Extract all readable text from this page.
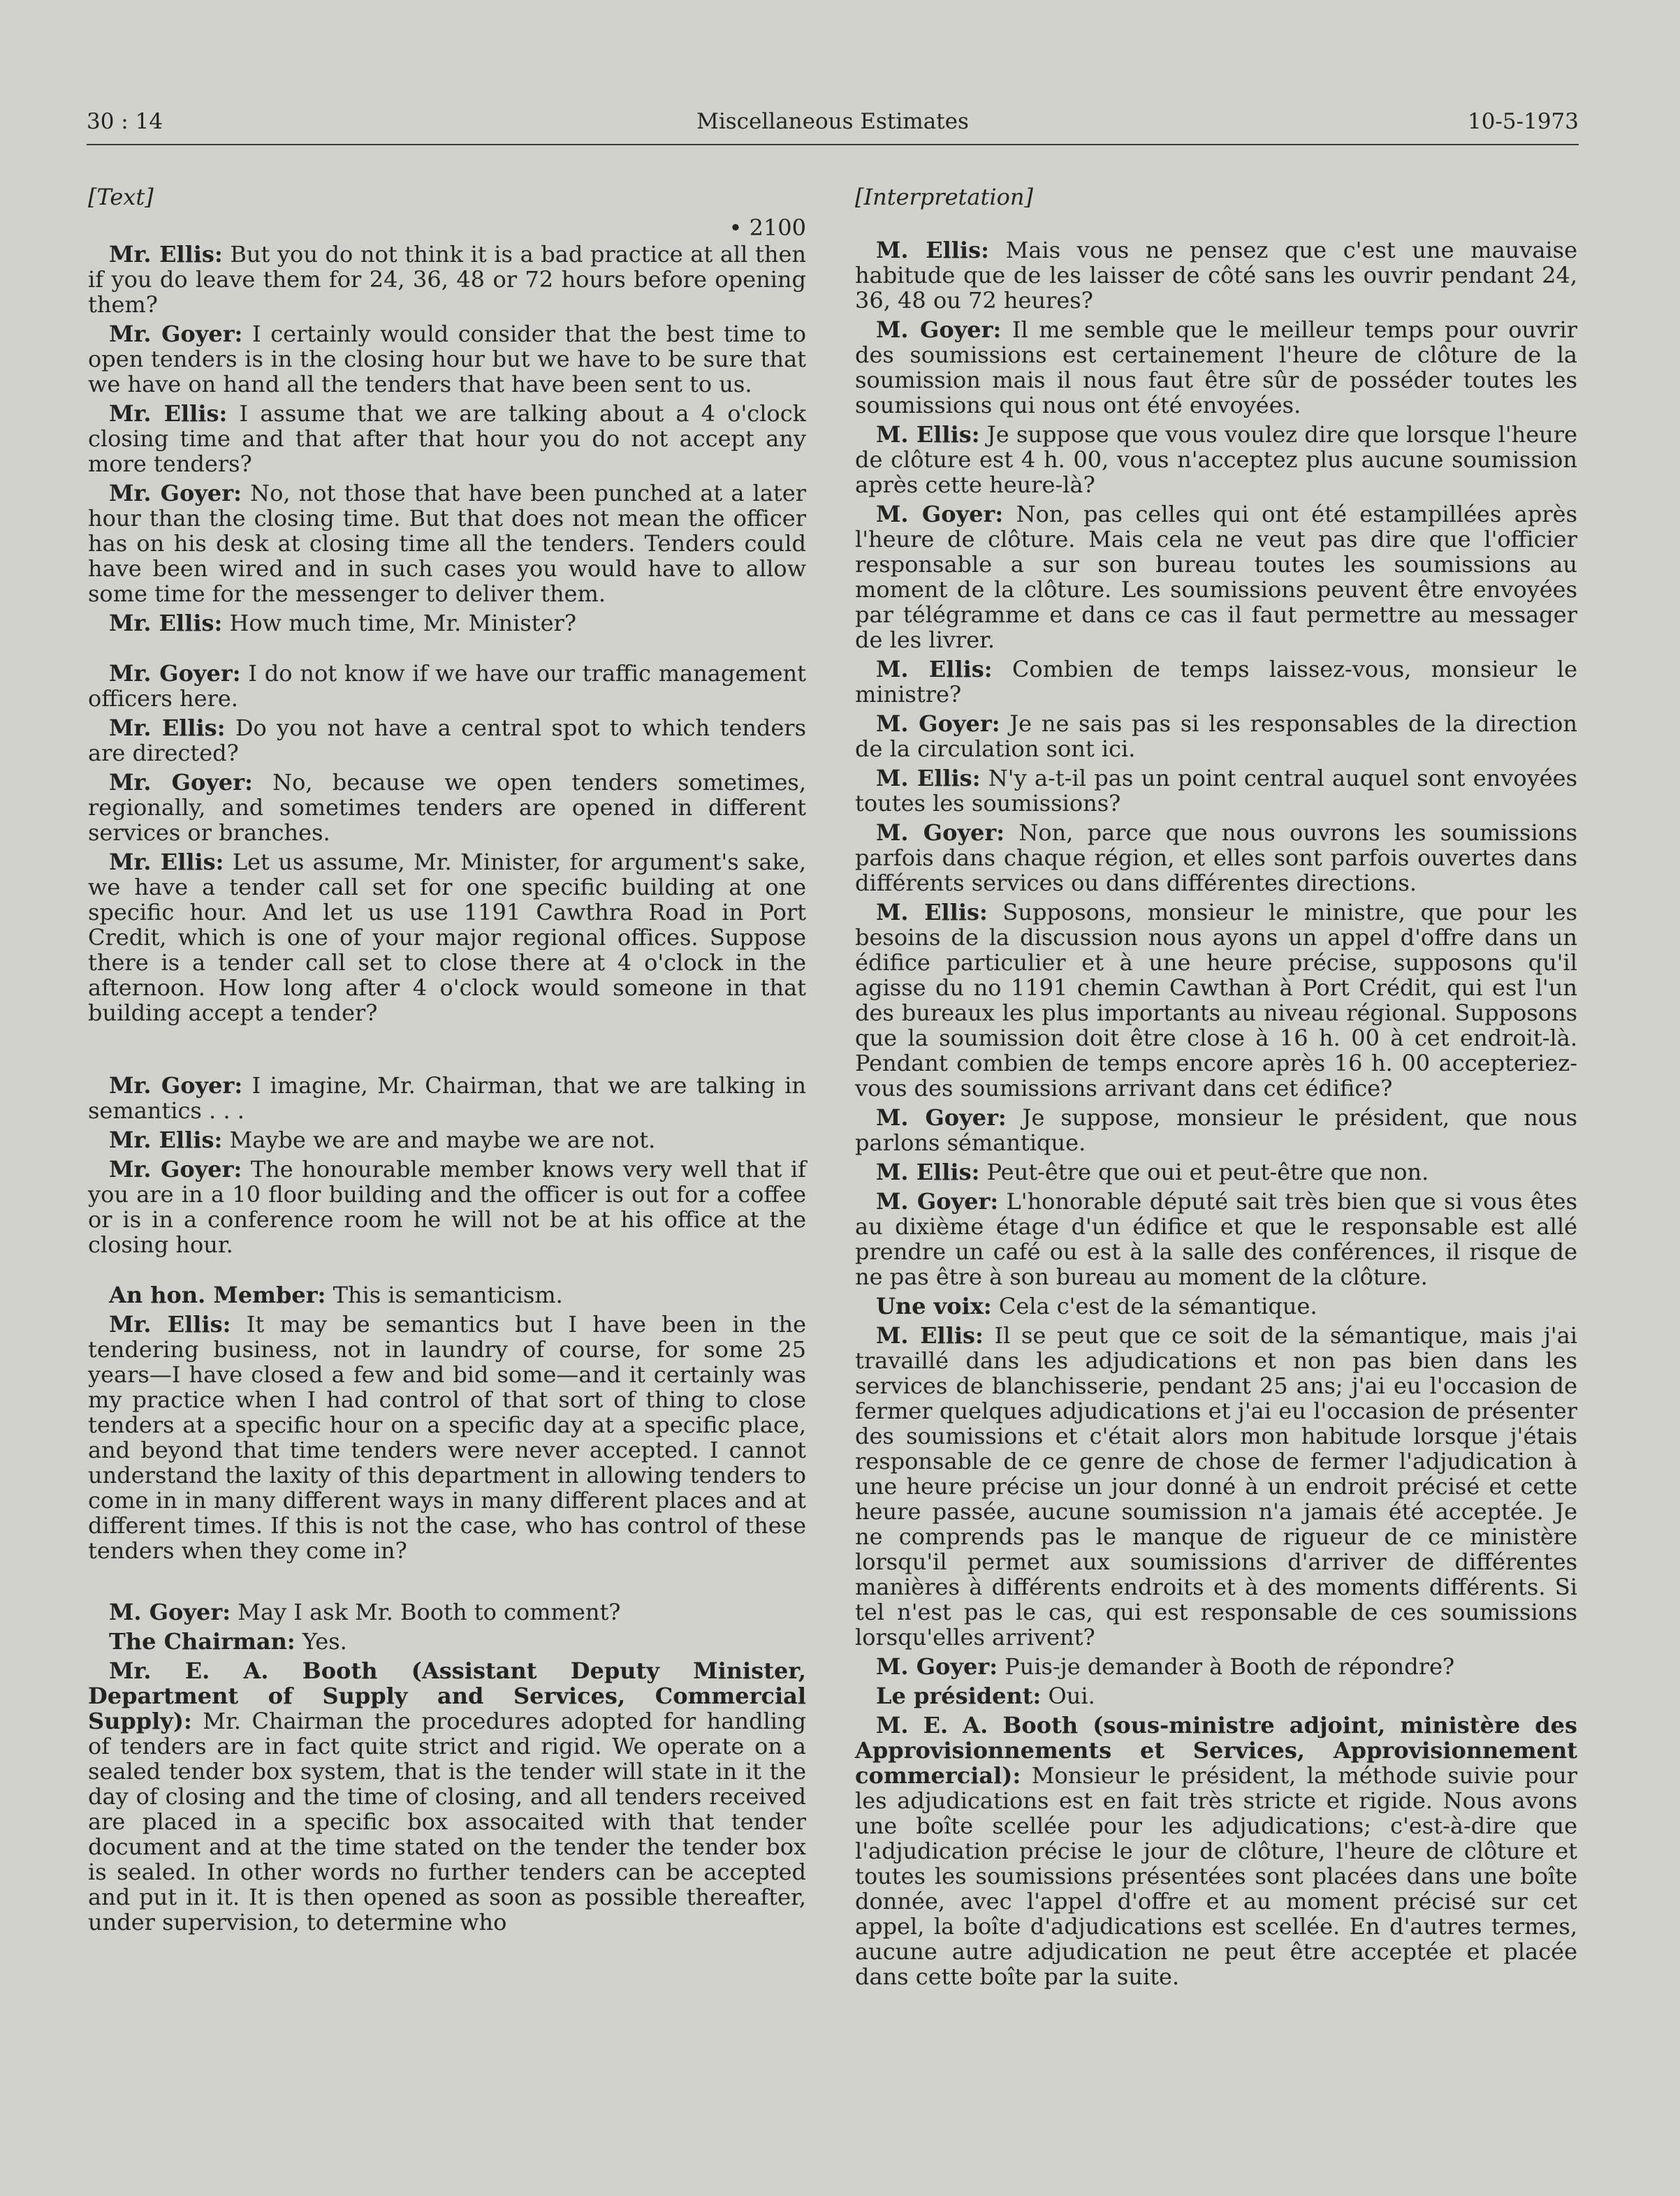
30 : 14	Miscellaneous Estimates	10-5-1973
[Text]
• 2100

Mr. Ellis: But you do not think it is a bad practice at all then if you do leave them for 24, 36, 48 or 72 hours before opening them?

Mr. Goyer: I certainly would consider that the best time to open tenders is in the closing hour but we have to be sure that we have on hand all the tenders that have been sent to us.

Mr. Ellis: I assume that we are talking about a 4 o'clock closing time and that after that hour you do not accept any more tenders?

Mr. Goyer: No, not those that have been punched at a later hour than the closing time. But that does not mean the officer has on his desk at closing time all the tenders. Tenders could have been wired and in such cases you would have to allow some time for the messenger to deliver them.

Mr. Ellis: How much time, Mr. Minister?

Mr. Goyer: I do not know if we have our traffic management officers here.

Mr. Ellis: Do you not have a central spot to which tenders are directed?

Mr. Goyer: No, because we open tenders sometimes, regionally, and sometimes tenders are opened in different services or branches.

Mr. Ellis: Let us assume, Mr. Minister, for argument's sake, we have a tender call set for one specific building at one specific hour. And let us use 1191 Cawthra Road in Port Credit, which is one of your major regional offices. Suppose there is a tender call set to close there at 4 o'clock in the afternoon. How long after 4 o'clock would someone in that building accept a tender?

Mr. Goyer: I imagine, Mr. Chairman, that we are talking in semantics . . .

Mr. Ellis: Maybe we are and maybe we are not.

Mr. Goyer: The honourable member knows very well that if you are in a 10 floor building and the officer is out for a coffee or is in a conference room he will not be at his office at the closing hour.

An hon. Member: This is semanticism.

Mr. Ellis: It may be semantics but I have been in the tendering business, not in laundry of course, for some 25 years—I have closed a few and bid some—and it certainly was my practice when I had control of that sort of thing to close tenders at a specific hour on a specific day at a specific place, and beyond that time tenders were never accepted. I cannot understand the laxity of this department in allowing tenders to come in in many different ways in many different places and at different times. If this is not the case, who has control of these tenders when they come in?

M. Goyer: May I ask Mr. Booth to comment?

The Chairman: Yes.

Mr. E. A. Booth (Assistant Deputy Minister, Department of Supply and Services, Commercial Supply): Mr. Chairman the procedures adopted for handling of tenders are in fact quite strict and rigid. We operate on a sealed tender box system, that is the tender will state in it the day of closing and the time of closing, and all tenders received are placed in a specific box assocaited with that tender document and at the time stated on the tender the tender box is sealed. In other words no further tenders can be accepted and put in it. It is then opened as soon as possible thereafter, under supervision, to determine who

[Interpretation]

M. Ellis: Mais vous ne pensez que c'est une mauvaise habitude que de les laisser de côté sans les ouvrir pendant 24, 36, 48 ou 72 heures?

M. Goyer: Il me semble que le meilleur temps pour ouvrir des soumissions est certainement l'heure de clôture de la soumission mais il nous faut être sûr de posséder toutes les soumissions qui nous ont été envoyées.

M. Ellis: Je suppose que vous voulez dire que lorsque l'heure de clôture est 4 h. 00, vous n'acceptez plus aucune soumission après cette heure-là?

M. Goyer: Non, pas celles qui ont été estampillées après l'heure de clôture. Mais cela ne veut pas dire que l'officier responsable a sur son bureau toutes les soumissions au moment de la clôture. Les soumissions peuvent être envoyées par télégramme et dans ce cas il faut permettre au messager de les livrer.

M. Ellis: Combien de temps laissez-vous, monsieur le ministre?

M. Goyer: Je ne sais pas si les responsables de la direction de la circulation sont ici.

M. Ellis: N'y a-t-il pas un point central auquel sont envoyées toutes les soumissions?

M. Goyer: Non, parce que nous ouvrons les soumissions parfois dans chaque région, et elles sont parfois ouvertes dans différents services ou dans différentes directions.

M. Ellis: Supposons, monsieur le ministre, que pour les besoins de la discussion nous ayons un appel d'offre dans un édifice particulier et à une heure précise, supposons qu'il agisse du no 1191 chemin Cawthan à Port Crédit, qui est l'un des bureaux les plus importants au niveau régional. Supposons que la soumission doit être close à 16 h. 00 à cet endroit-là. Pendant combien de temps encore après 16 h. 00 accepteriez-vous des soumissions arrivant dans cet édifice?

M. Goyer: Je suppose, monsieur le président, que nous parlons sémantique.

M. Ellis: Peut-être que oui et peut-être que non.

M. Goyer: L'honorable député sait très bien que si vous êtes au dixième étage d'un édifice et que le responsable est allé prendre un café ou est à la salle des conférences, il risque de ne pas être à son bureau au moment de la clôture.

Une voix: Cela c'est de la sémantique.

M. Ellis: Il se peut que ce soit de la sémantique, mais j'ai travaillé dans les adjudications et non pas bien dans les services de blanchisserie, pendant 25 ans; j'ai eu l'occasion de fermer quelques adjudications et j'ai eu l'occasion de présenter des soumissions et c'était alors mon habitude lorsque j'étais responsable de ce genre de chose de fermer l'adjudication à une heure précise un jour donné à un endroit précisé et cette heure passée, aucune soumission n'a jamais été acceptée. Je ne comprends pas le manque de rigueur de ce ministère lorsqu'il permet aux soumissions d'arriver de différentes manières à différents endroits et à des moments différents. Si tel n'est pas le cas, qui est responsable de ces soumissions lorsqu'elles arrivent?

M. Goyer: Puis-je demander à Booth de répondre?

Le président: Oui.

M. E. A. Booth (sous-ministre adjoint, ministère des Approvisionnements et Services, Approvisionnement commercial): Monsieur le président, la méthode suivie pour les adjudications est en fait très stricte et rigide. Nous avons une boîte scellée pour les adjudications; c'est-à-dire que l'adjudication précise le jour de clôture, l'heure de clôture et toutes les soumissions présentées sont placées dans une boîte donnée, avec l'appel d'offre et au moment précisé sur cet appel, la boîte d'adjudications est scellée. En d'autres termes, aucune autre adjudication ne peut être acceptée et placée dans cette boîte par la suite.
